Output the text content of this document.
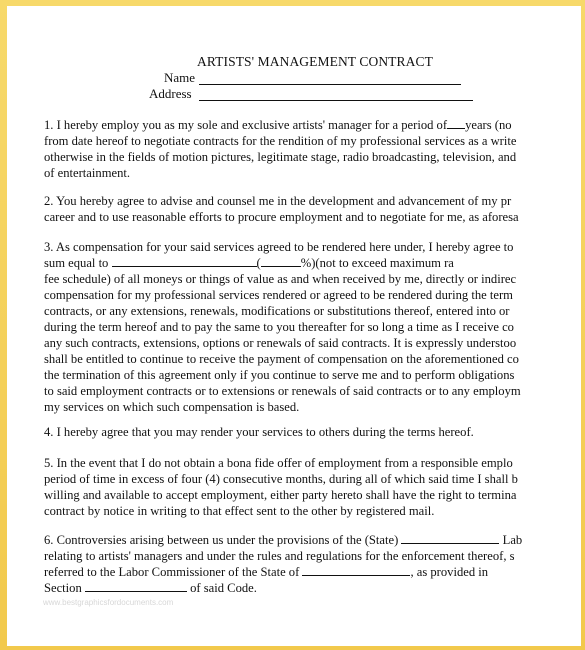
ARTISTS' MANAGEMENT CONTRACT
Name
Address
1. I hereby employ you as my sole and exclusive artists' manager for a period of years (no
from date hereof to negotiate contracts for the rendition of my professional services as a write
otherwise in the fields of motion pictures, legitimate stage, radio broadcasting, television, and
of entertainment.
2. You hereby agree to advise and counsel me in the development and advancement of my pr
career and to use reasonable efforts to procure employment and to negotiate for me, as aforesa
3. As compensation for your said services agreed to be rendered here under, I hereby agree to
sum equal to	(	%)(not to exceed maximum ra
fee schedule) of all moneys or things of value as and when received by me, directly or indirec
compensation for my professional services rendered or agreed to be rendered during the term
contracts, or any extensions, renewals, modifications or substitutions thereof, entered into or
during the term hereof and to pay the same to you thereafter for so long a time as I receive co
any such contracts, extensions, options or renewals of said contracts. It is expressly understoo
shall be entitled to continue to receive the payment of compensation on the aforementioned co
the termination of this agreement only if you continue to serve me and to perform obligations
to said employment contracts or to extensions or renewals of said contracts or to any employm
my services on which such compensation is based.
4. I hereby agree that you may render your services to others during the terms hereof.
5. In the event that I do not obtain a bona fide offer of employment from a responsible emplo
period of time in excess of four (4) consecutive months, during all of which said time I shall b
willing and available to accept employment, either party hereto shall have the right to termina
contract by notice in writing to that effect sent to the other by registered mail.
6. Controversies arising between us under the provisions of the (State)	Lab
relating to artists' managers and under the rules and regulations for the enforcement thereof, s
referred to the Labor Commissioner of the State of	, as provided in
Section	of said Code.
www.bestgraphicsfordocuments.com
